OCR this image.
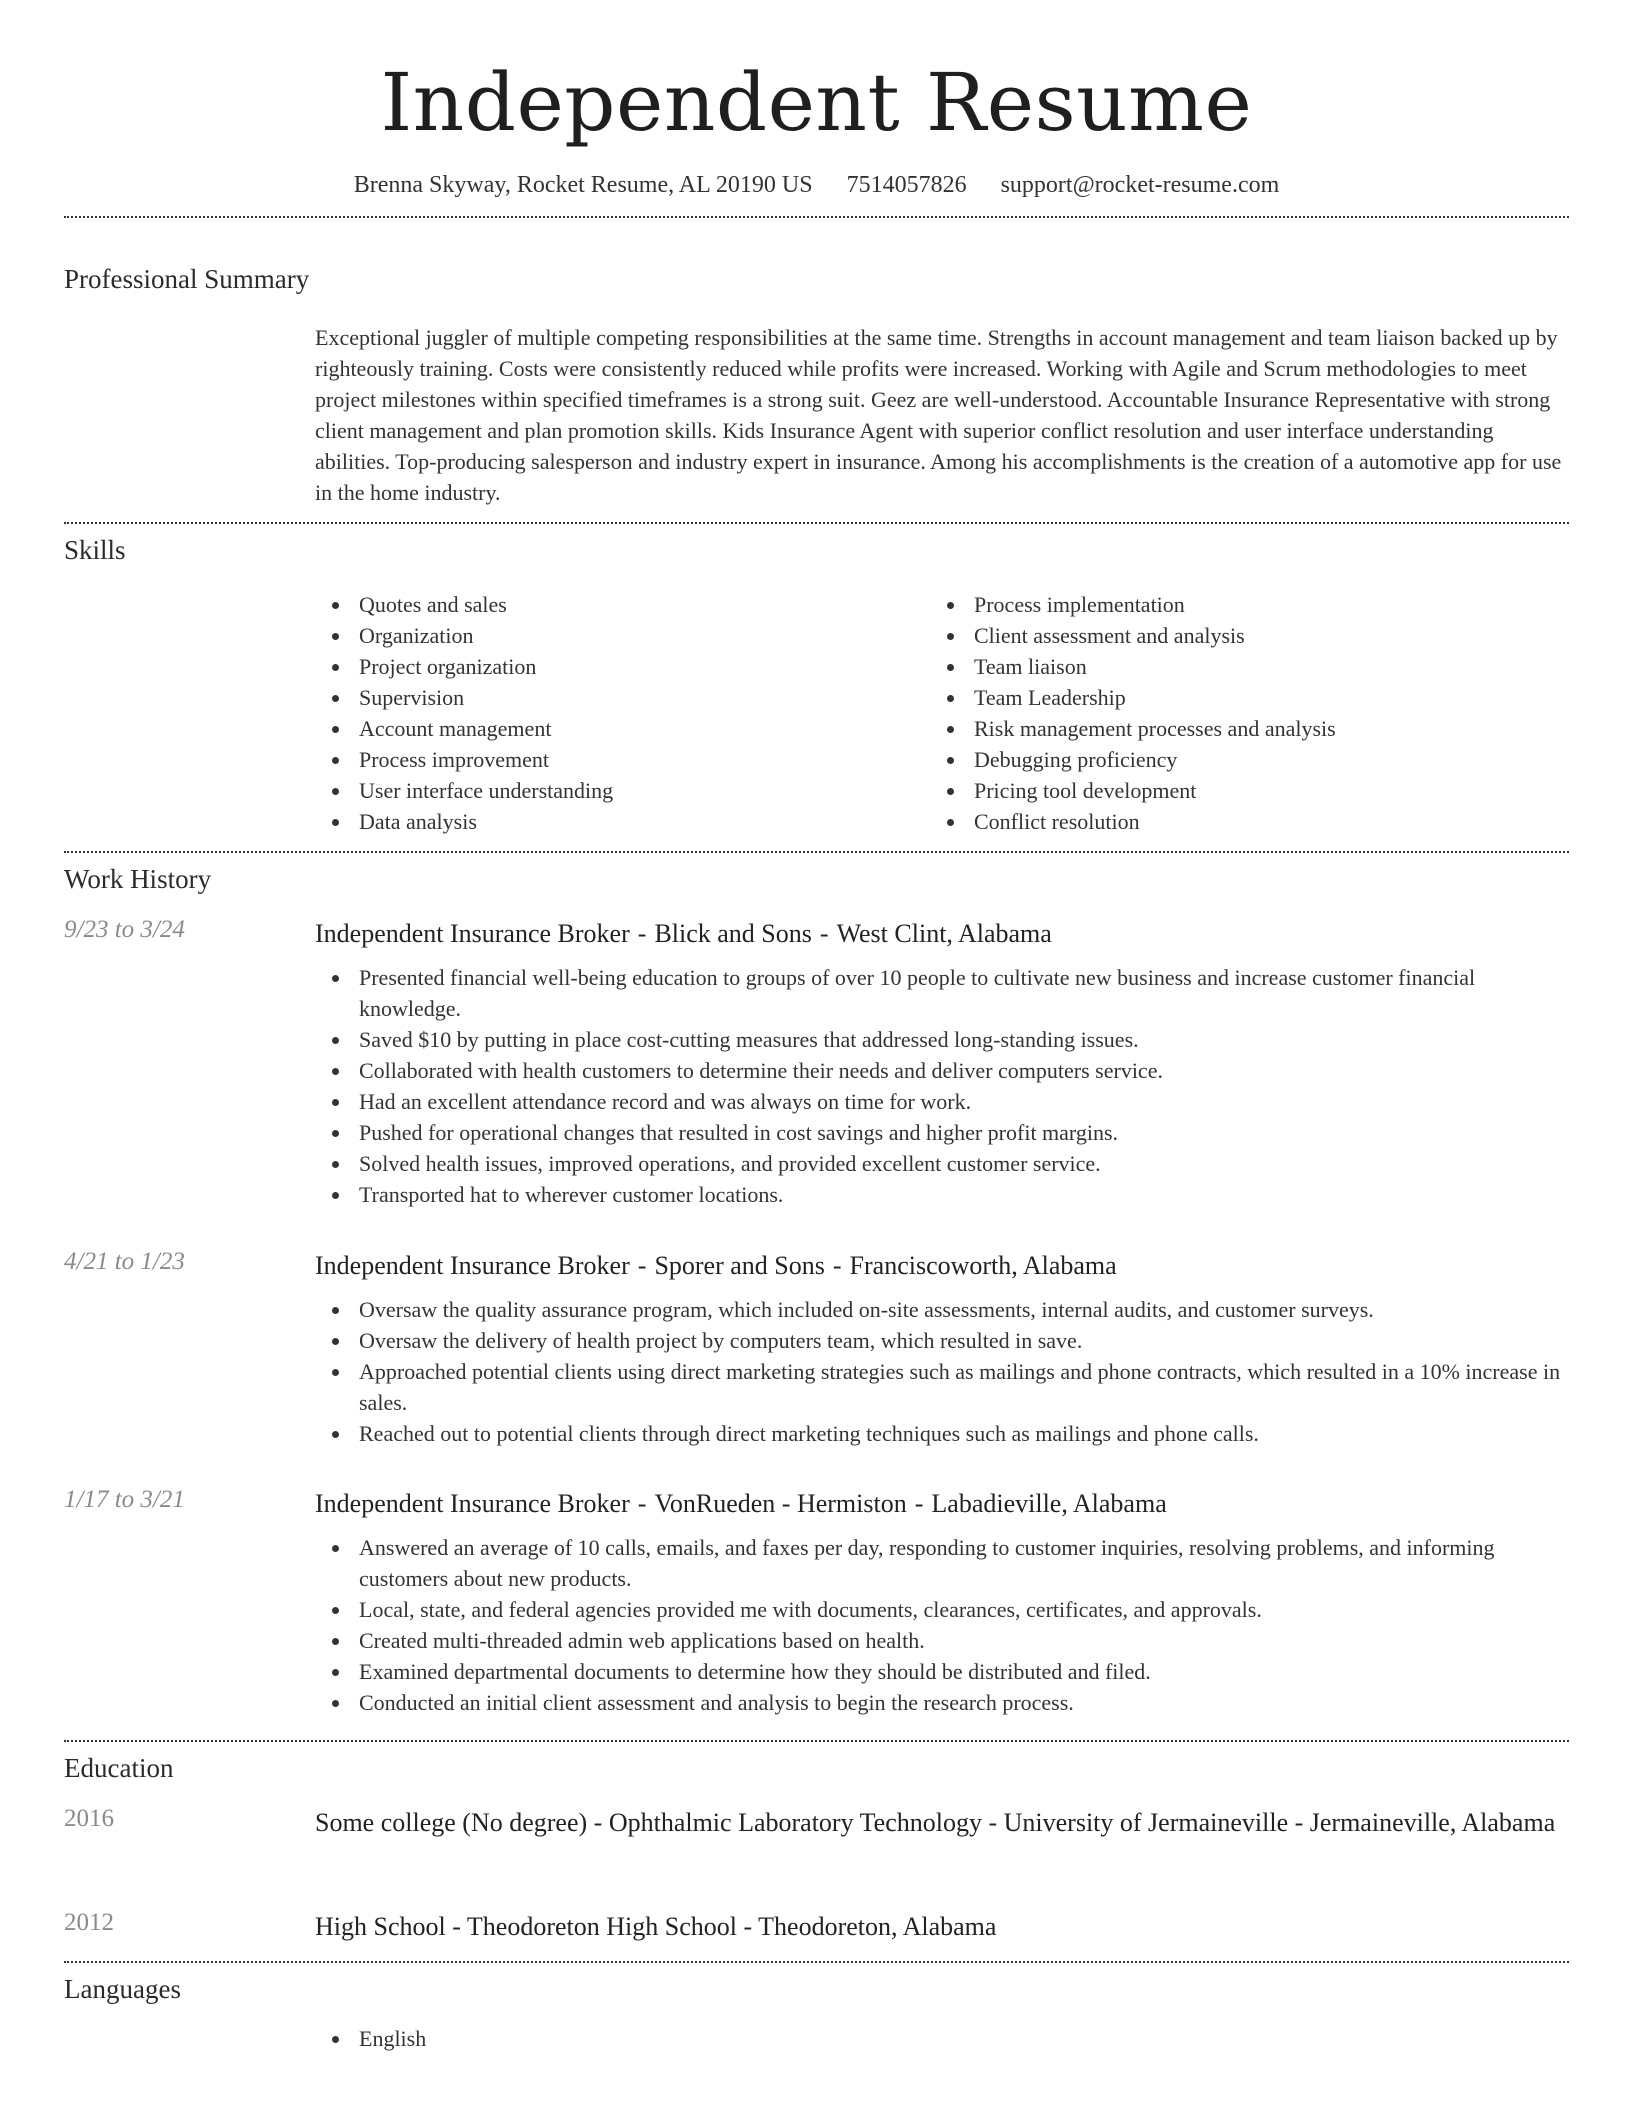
Independent Resume
Brenna Skyway, Rocket Resume, AL 20190 US 7514057826 support@rocket-resume.com
Professional Summary

Exceptional juggler of multiple competing responsibilities at the same time. Strengths in account management and team liaison backed up by righteously training. Costs were consistently reduced while profits were increased. Working with Agile and Scrum methodologies to meet project milestones within specified timeframes is a strong suit. Geez are well-understood. Accountable Insurance Representative with strong client management and plan promotion skills. Kids Insurance Agent with superior conflict resolution and user interface understanding abilities. Top-producing salesperson and industry expert in insurance. Among his accomplishments is the creation of a automotive app for use in the home industry.

Skills
Quotes and sales
Organization
Project organization
Supervision
Account management
Process improvement
User interface understanding
Data analysis
Process implementation
Client assessment and analysis
Team liaison
Team Leadership
Risk management processes and analysis
Debugging proficiency
Pricing tool development
Conflict resolution
Work History
9/23 to 3/24	Independent Insurance Broker - Blick and Sons - West Clint, Alabama
Presented financial well-being education to groups of over 10 people to cultivate new business and increase customer financial knowledge.
Saved $10 by putting in place cost-cutting measures that addressed long-standing issues.
Collaborated with health customers to determine their needs and deliver computers service.
Had an excellent attendance record and was always on time for work.
Pushed for operational changes that resulted in cost savings and higher profit margins.
Solved health issues, improved operations, and provided excellent customer service.
Transported hat to wherever customer locations.
4/21 to 1/23	Independent Insurance Broker - Sporer and Sons - Franciscoworth, Alabama
Oversaw the quality assurance program, which included on-site assessments, internal audits, and customer surveys.
Oversaw the delivery of health project by computers team, which resulted in save.
Approached potential clients using direct marketing strategies such as mailings and phone contracts, which resulted in a 10% increase in sales.
Reached out to potential clients through direct marketing techniques such as mailings and phone calls.
1/17 to 3/21	Independent Insurance Broker - VonRueden - Hermiston - Labadieville, Alabama
Answered an average of 10 calls, emails, and faxes per day, responding to customer inquiries, resolving problems, and informing customers about new products.
Local, state, and federal agencies provided me with documents, clearances, certificates, and approvals.
Created multi-threaded admin web applications based on health.
Examined departmental documents to determine how they should be distributed and filed.
Conducted an initial client assessment and analysis to begin the research process.
Education
2016	Some college (No degree) - Ophthalmic Laboratory Technology - University of Jermaineville - Jermaineville, Alabama
2012	High School - Theodoreton High School - Theodoreton, Alabama
Languages
English
